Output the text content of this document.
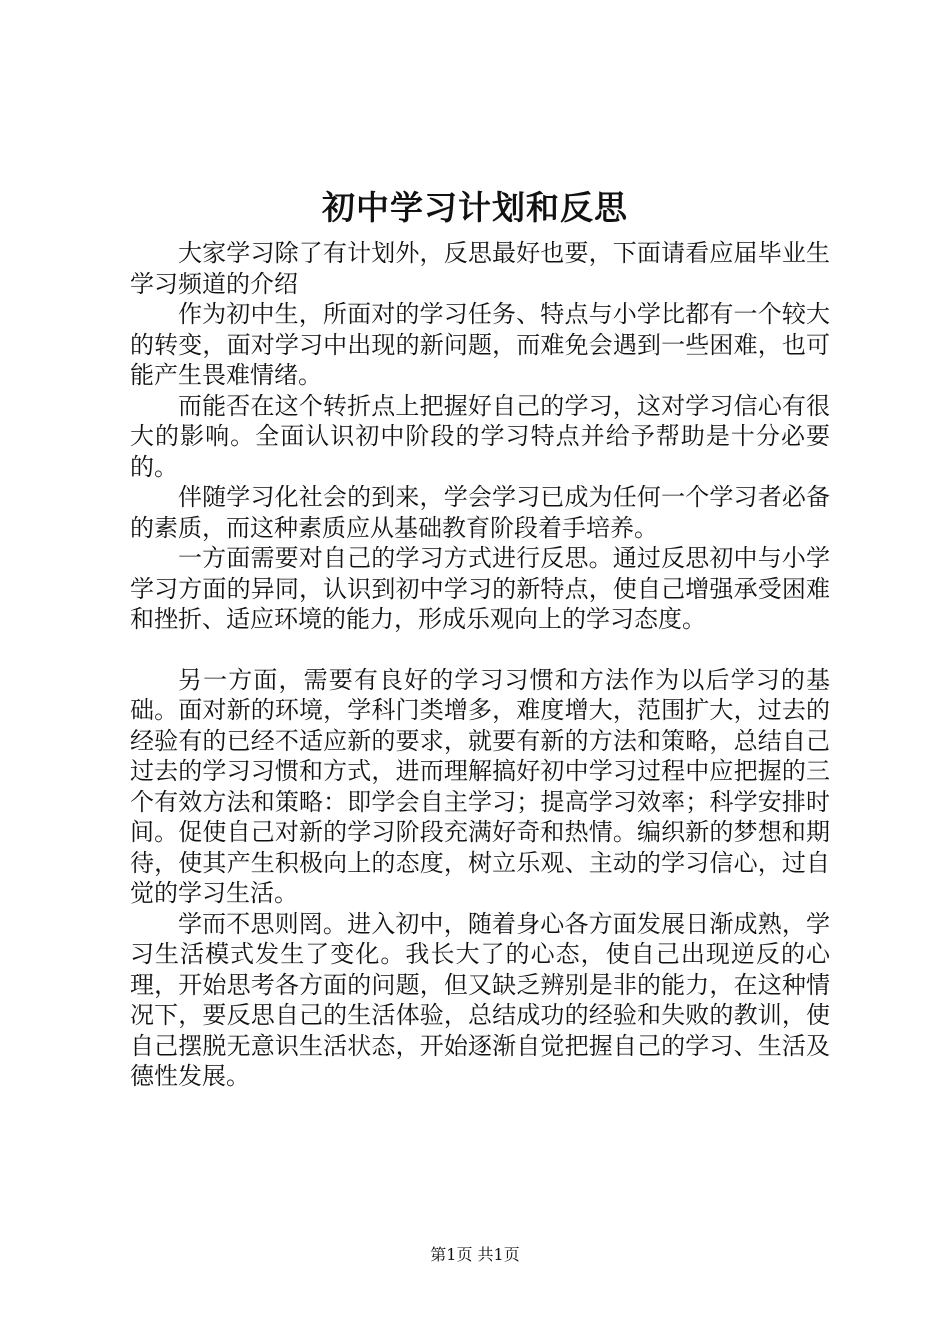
初中学习计划和反思

大家学习除了有计划外，反思最好也要，下面请看应届毕业生学习频道的介绍

作为初中生，所面对的学习任务、特点与小学比都有一个较大的转变，面对学习中出现的新问题，而难免会遇到一些困难，也可能产生畏难情绪。

而能否在这个转折点上把握好自己的学习，这对学习信心有很大的影响。全面认识初中阶段的学习特点并给予帮助是十分必要的。

伴随学习化社会的到来，学会学习已成为任何一个学习者必备的素质，而这种素质应从基础教育阶段着手培养。

一方面需要对自己的学习方式进行反思。通过反思初中与小学学习方面的异同，认识到初中学习的新特点，使自己增强承受困难和挫折、适应环境的能力，形成乐观向上的学习态度。

另一方面，需要有良好的学习习惯和方法作为以后学习的基础。面对新的环境，学科门类增多，难度增大，范围扩大，过去的经验有的已经不适应新的要求，就要有新的方法和策略，总结自己过去的学习习惯和方式，进而理解搞好初中学习过程中应把握的三个有效方法和策略：即学会自主学习；提高学习效率；科学安排时间。促使自己对新的学习阶段充满好奇和热情。编织新的梦想和期待，使其产生积极向上的态度，树立乐观、主动的学习信心，过自觉的学习生活。

学而不思则罔。进入初中，随着身心各方面发展日渐成熟，学习生活模式发生了变化。我长大了的心态，使自己出现逆反的心理，开始思考各方面的问题，但又缺乏辨别是非的能力，在这种情况下，要反思自己的生活体验，总结成功的经验和失败的教训，使自己摆脱无意识生活状态，开始逐渐自觉把握自己的学习、生活及德性发展。

第1页 共1页
